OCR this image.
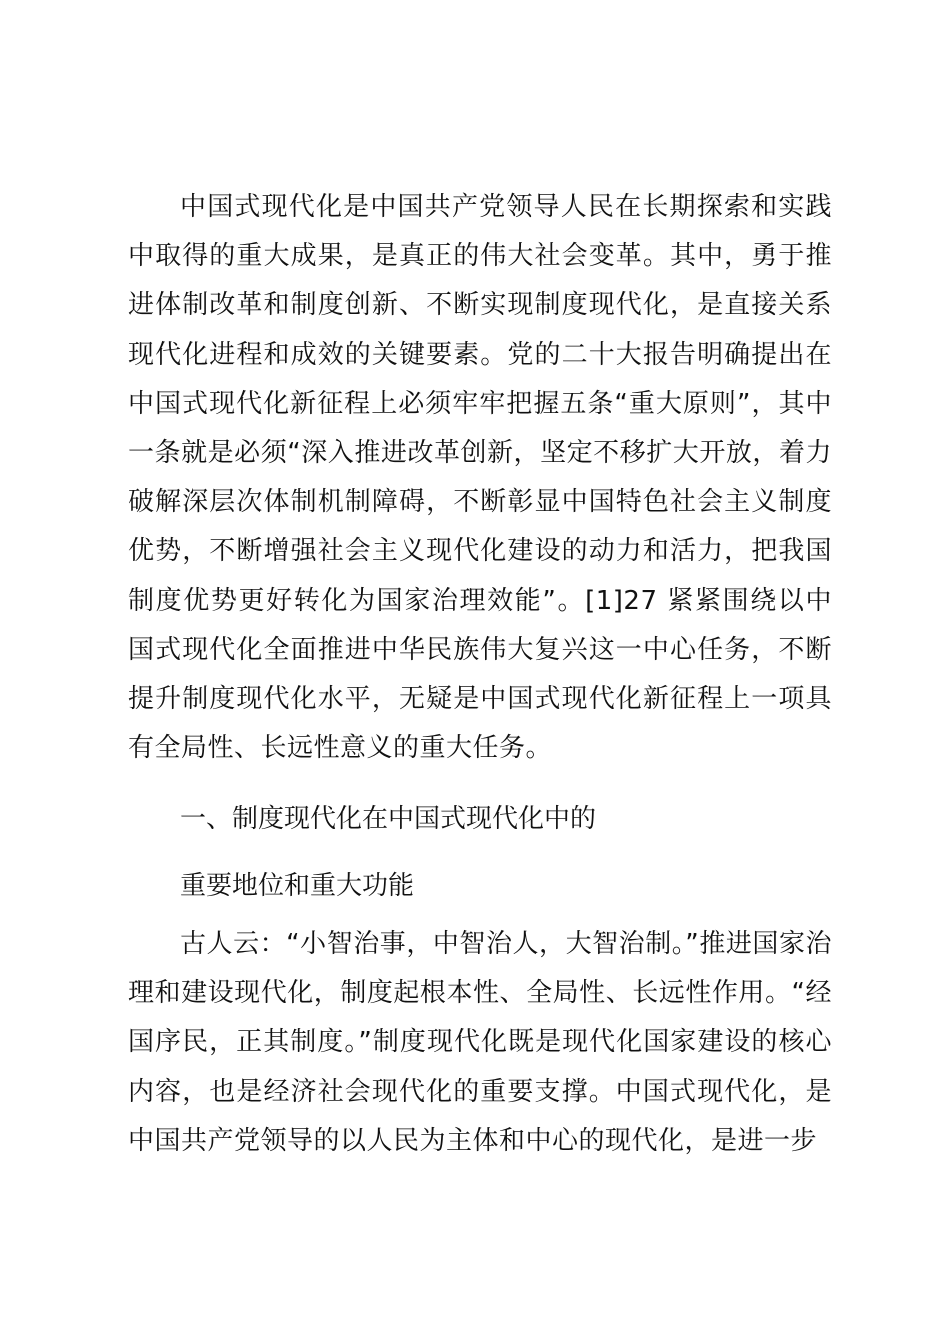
中国式现代化是中国共产党领导人民在长期探索和实践中取得的重大成果，是真正的伟大社会变革。其中，勇于推进体制改革和制度创新、不断实现制度现代化，是直接关系现代化进程和成效的关键要素。党的二十大报告明确提出在中国式现代化新征程上必须牢牢把握五条“重大原则”，其中一条就是必须“深入推进改革创新，坚定不移扩大开放，着力破解深层次体制机制障碍，不断彰显中国特色社会主义制度优势，不断增强社会主义现代化建设的动力和活力，把我国制度优势更好转化为国家治理效能”。[1]27 紧紧围绕以中国式现代化全面推进中华民族伟大复兴这一中心任务，不断提升制度现代化水平，无疑是中国式现代化新征程上一项具有全局性、长远性意义的重大任务。
一、制度现代化在中国式现代化中的
重要地位和重大功能
古人云：“小智治事，中智治人，大智治制。”推进国家治理和建设现代化，制度起根本性、全局性、长远性作用。“经国序民，正其制度。”制度现代化既是现代化国家建设的核心内容，也是经济社会现代化的重要支撑。中国式现代化，是中国共产党领导的以人民为主体和中心的现代化，是进一步
